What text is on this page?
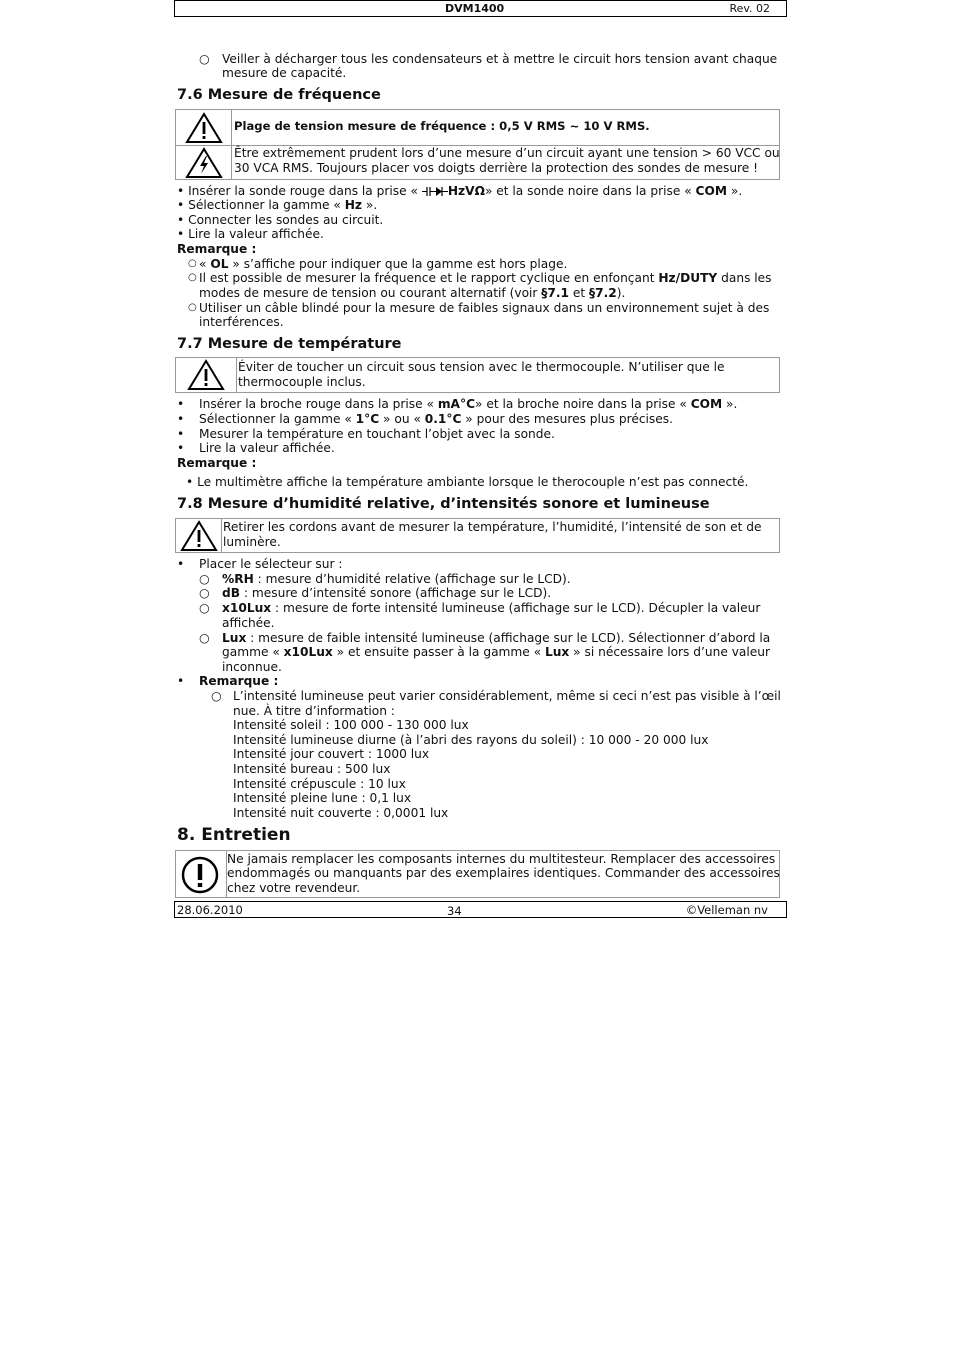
DVM1400	Rev. 02
○ Veiller à décharger tous les condensateurs et à mettre le circuit hors tension avant chaque
mesure de capacité.
7.6 Mesure de fréquence
Plage de tension mesure de fréquence : 0,5 V RMS ~ 10 V RMS.
Être extrêmement prudent lors d’une mesure d’un circuit ayant une tension > 60 VCC ou
30 VCA RMS. Toujours placer vos doigts derrière la protection des sondes de mesure !
• Insérer la sonde rouge dans la prise « HzVΩ» et la sonde noire dans la prise « COM ».
• Sélectionner la gamme « Hz ».
• Connecter les sondes au circuit.
• Lire la valeur affichée.
Remarque :
○ « OL » s’affiche pour indiquer que la gamme est hors plage.
○ Il est possible de mesurer la fréquence et le rapport cyclique en enfonçant Hz/DUTY dans les
modes de mesure de tension ou courant alternatif (voir §7.1 et §7.2).
○ Utiliser un câble blindé pour la mesure de faibles signaux dans un environnement sujet à des
interférences.
7.7 Mesure de température
Éviter de toucher un circuit sous tension avec le thermocouple. N’utiliser que le
thermocouple inclus.
• Insérer la broche rouge dans la prise « mA°C» et la broche noire dans la prise « COM ».
• Sélectionner la gamme « 1°C » ou « 0.1°C » pour des mesures plus précises.
• Mesurer la température en touchant l’objet avec la sonde.
• Lire la valeur affichée.
Remarque :
• Le multimètre affiche la température ambiante lorsque le therocouple n’est pas connecté.
7.8 Mesure d’humidité relative, d’intensités sonore et lumineuse
Retirer les cordons avant de mesurer la température, l’humidité, l’intensité de son et de
luminère.
• Placer le sélecteur sur :
○ %RH : mesure d’humidité relative (affichage sur le LCD).
○ dB : mesure d’intensité sonore (affichage sur le LCD).
○ x10Lux : mesure de forte intensité lumineuse (affichage sur le LCD). Décupler la valeur
affichée.
○ Lux : mesure de faible intensité lumineuse (affichage sur le LCD). Sélectionner d’abord la
gamme « x10Lux » et ensuite passer à la gamme « Lux » si nécessaire lors d’une valeur
inconnue.
• Remarque :
○ L’intensité lumineuse peut varier considérablement, même si ceci n’est pas visible à l’œil
nue. À titre d’information :
Intensité soleil : 100 000 - 130 000 lux
Intensité lumineuse diurne (à l’abri des rayons du soleil) : 10 000 - 20 000 lux
Intensité jour couvert : 1000 lux
Intensité bureau : 500 lux
Intensité crépuscule : 10 lux
Intensité pleine lune : 0,1 lux
Intensité nuit couverte : 0,0001 lux
8. Entretien
Ne jamais remplacer les composants internes du multitesteur. Remplacer des accessoires
endommagés ou manquants par des exemplaires identiques. Commander des accessoires
chez votre revendeur.
28.06.2010	34	©Velleman nv
